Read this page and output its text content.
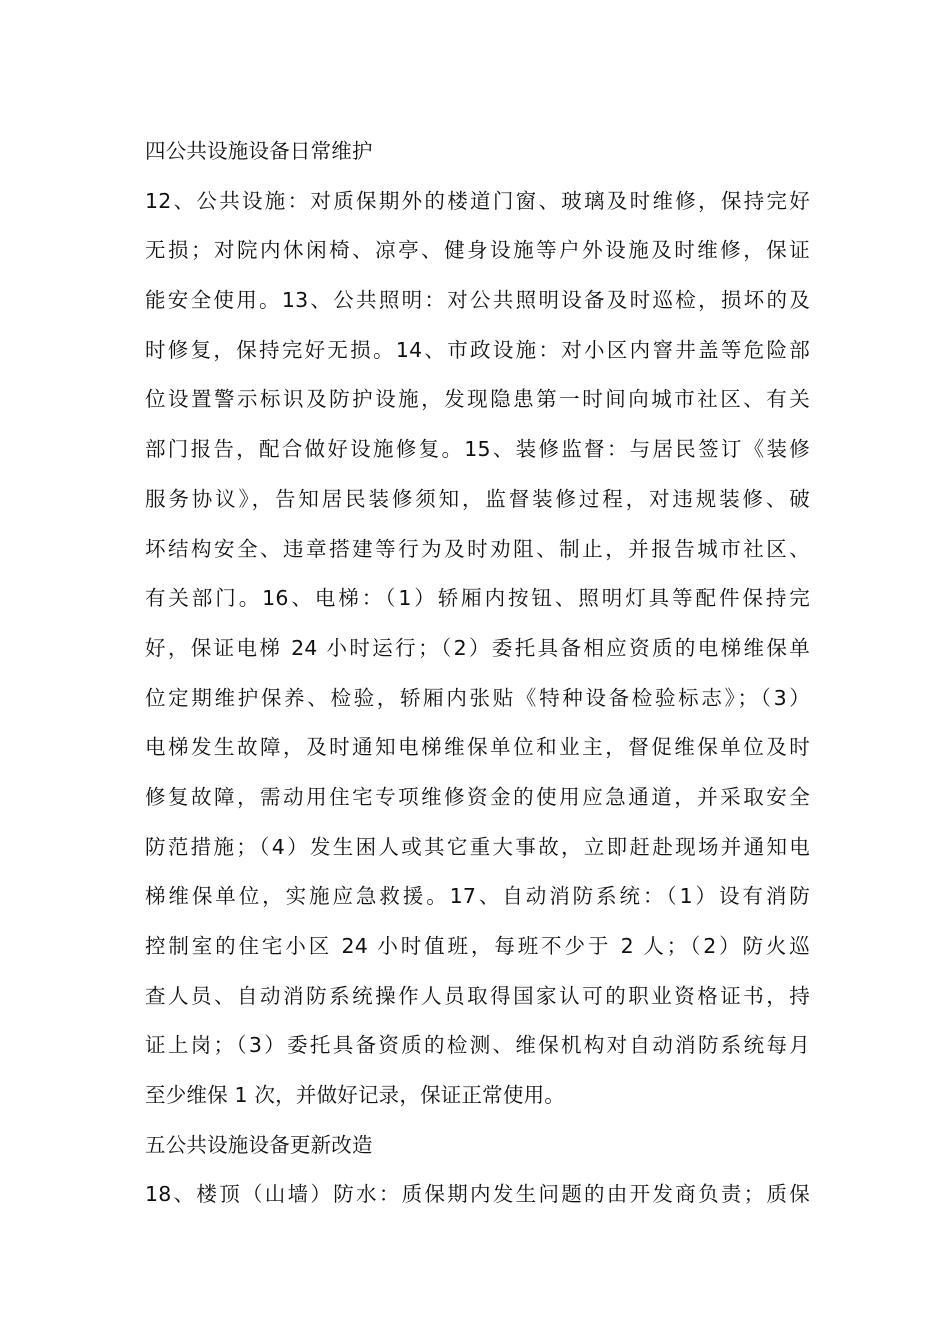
四公共设施设备日常维护
12、公共设施：对质保期外的楼道门窗、玻璃及时维修，保持完好
无损；对院内休闲椅、凉亭、健身设施等户外设施及时维修，保证
能安全使用。13、公共照明：对公共照明设备及时巡检，损坏的及
时修复，保持完好无损。14、市政设施：对小区内窨井盖等危险部
位设置警示标识及防护设施，发现隐患第一时间向城市社区、有关
部门报告，配合做好设施修复。15、装修监督：与居民签订《装修
服务协议》，告知居民装修须知，监督装修过程，对违规装修、破
坏结构安全、违章搭建等行为及时劝阻、制止，并报告城市社区、
有关部门。16、电梯：（1）轿厢内按钮、照明灯具等配件保持完
好，保证电梯 24 小时运行；（2）委托具备相应资质的电梯维保单
位定期维护保养、检验，轿厢内张贴《特种设备检验标志》；（3）
电梯发生故障，及时通知电梯维保单位和业主，督促维保单位及时
修复故障，需动用住宅专项维修资金的使用应急通道，并采取安全
防范措施；（4）发生困人或其它重大事故，立即赶赴现场并通知电
梯维保单位，实施应急救援。17、自动消防系统：（1）设有消防
控制室的住宅小区 24 小时值班，每班不少于 2 人；（2）防火巡
查人员、自动消防系统操作人员取得国家认可的职业资格证书，持
证上岗；（3）委托具备资质的检测、维保机构对自动消防系统每月
至少维保 1 次，并做好记录，保证正常使用。
五公共设施设备更新改造
18、楼顶（山墙）防水：质保期内发生问题的由开发商负责；质保
